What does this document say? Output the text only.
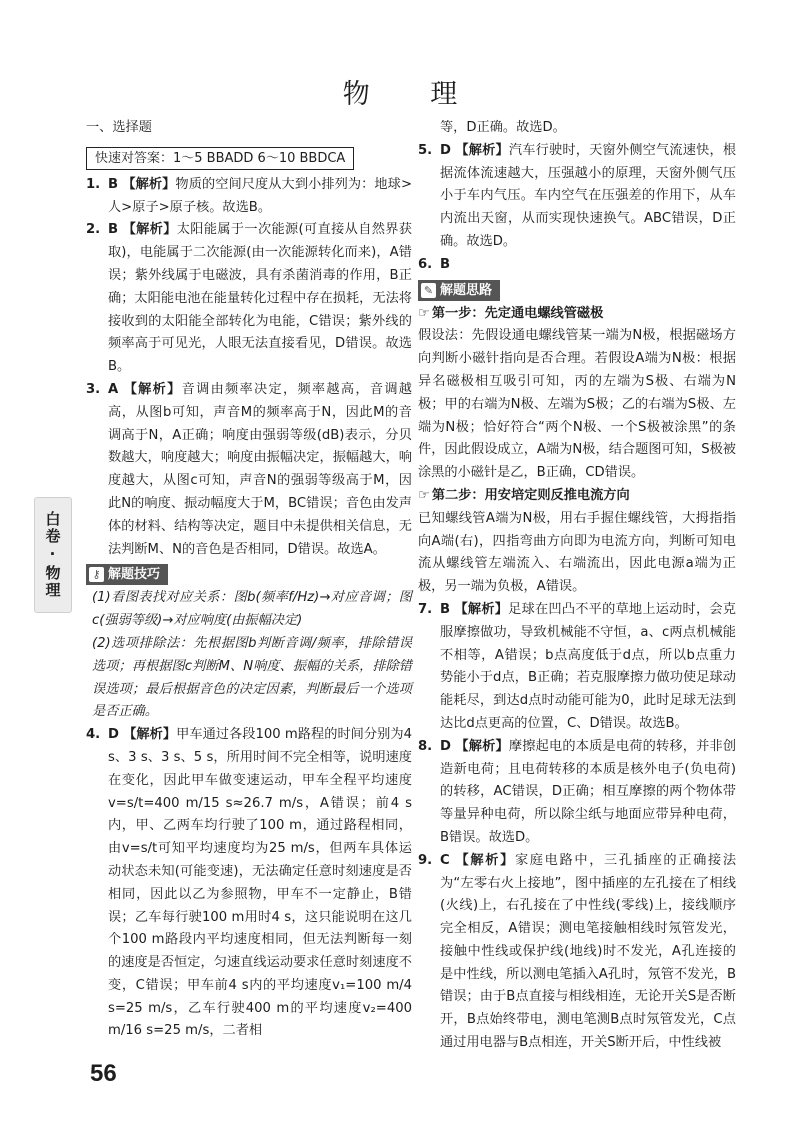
物 理
白卷·物理
一、选择题
快速对答案：1～5 BBADD 6～10 BBDCA

1. B 【解析】物质的空间尺度从大到小排列为：地球>人>原子>原子核。故选B。

2. B 【解析】太阳能属于一次能源(可直接从自然界获取)，电能属于二次能源(由一次能源转化而来)，A错误；紫外线属于电磁波，具有杀菌消毒的作用，B正确；太阳能电池在能量转化过程中存在损耗，无法将接收到的太阳能全部转化为电能，C错误；紫外线的频率高于可见光，人眼无法直接看见，D错误。故选B。

3. A 【解析】音调由频率决定，频率越高，音调越高，从图b可知，声音M的频率高于N，因此M的音调高于N，A正确；响度由强弱等级(dB)表示，分贝数越大，响度越大；响度由振幅决定，振幅越大，响度越大，从图c可知，声音N的强弱等级高于M，因此N的响度、振动幅度大于M，BC错误；音色由发声体的材料、结构等决定，题目中未提供相关信息，无法判断M、N的音色是否相同，D错误。故选A。

⚷ 解题技巧

(1)看图表找对应关系：图b(频率f/Hz)→对应音调；图c(强弱等级)→对应响度(由振幅决定)

(2)选项排除法：先根据图b判断音调/频率，排除错误选项；再根据图c判断M、N响度、振幅的关系，排除错误选项；最后根据音色的决定因素，判断最后一个选项是否正确。

4. D 【解析】甲车通过各段100 m路程的时间分别为4 s、3 s、3 s、5 s，所用时间不完全相等，说明速度在变化，因此甲车做变速运动，甲车全程平均速度v=s/t=400 m/15 s≈26.7 m/s，A错误；前4 s内，甲、乙两车均行驶了100 m，通过路程相同，由v=s/t可知平均速度均为25 m/s，但两车具体运动状态未知(可能变速)，无法确定任意时刻速度是否相同，因此以乙为参照物，甲车不一定静止，B错误；乙车每行驶100 m用时4 s，这只能说明在这几个100 m路段内平均速度相同，但无法判断每一刻的速度是否恒定，匀速直线运动要求任意时刻速度不变，C错误；甲车前4 s内的平均速度v₁=100 m/4 s=25 m/s，乙车行驶400 m的平均速度v₂=400 m/16 s=25 m/s，二者相

等，D正确。故选D。

5. D 【解析】汽车行驶时，天窗外侧空气流速快，根据流体流速越大，压强越小的原理，天窗外侧气压小于车内气压。车内空气在压强差的作用下，从车内流出天窗，从而实现快速换气。ABC错误，D正确。故选D。

6. B

✎ 解题思路

☞ 第一步：先定通电螺线管磁极

假设法：先假设通电螺线管某一端为N极，根据磁场方向判断小磁针指向是否合理。若假设A端为N极：根据异名磁极相互吸引可知，丙的左端为S极、右端为N极；甲的右端为N极、左端为S极；乙的右端为S极、左端为N极；恰好符合“两个N极、一个S极被涂黑”的条件，因此假设成立，A端为N极，结合题图可知，S极被涂黑的小磁针是乙，B正确，CD错误。

☞ 第二步：用安培定则反推电流方向

已知螺线管A端为N极，用右手握住螺线管，大拇指指向A端(右)，四指弯曲方向即为电流方向，判断可知电流从螺线管左端流入、右端流出，因此电源a端为正极，另一端为负极，A错误。

7. B 【解析】足球在凹凸不平的草地上运动时，会克服摩擦做功，导致机械能不守恒，a、c两点机械能不相等，A错误；b点高度低于d点，所以b点重力势能小于d点，B正确；若克服摩擦力做功使足球动能耗尽，到达d点时动能可能为0，此时足球无法到达比d点更高的位置，C、D错误。故选B。

8. D 【解析】摩擦起电的本质是电荷的转移，并非创造新电荷；且电荷转移的本质是核外电子(负电荷)的转移，AC错误，D正确；相互摩擦的两个物体带等量异种电荷，所以除尘纸与地面应带异种电荷，B错误。故选D。

9. C 【解析】家庭电路中，三孔插座的正确接法为“左零右火上接地”，图中插座的左孔接在了相线(火线)上，右孔接在了中性线(零线)上，接线顺序完全相反，A错误；测电笔接触相线时氖管发光，接触中性线或保护线(地线)时不发光，A孔连接的是中性线，所以测电笔插入A孔时，氖管不发光，B错误；由于B点直接与相线相连，无论开关S是否断开，B点始终带电，测电笔测B点时氖管发光，C点通过用电器与B点相连，开关S断开后，中性线被

56
